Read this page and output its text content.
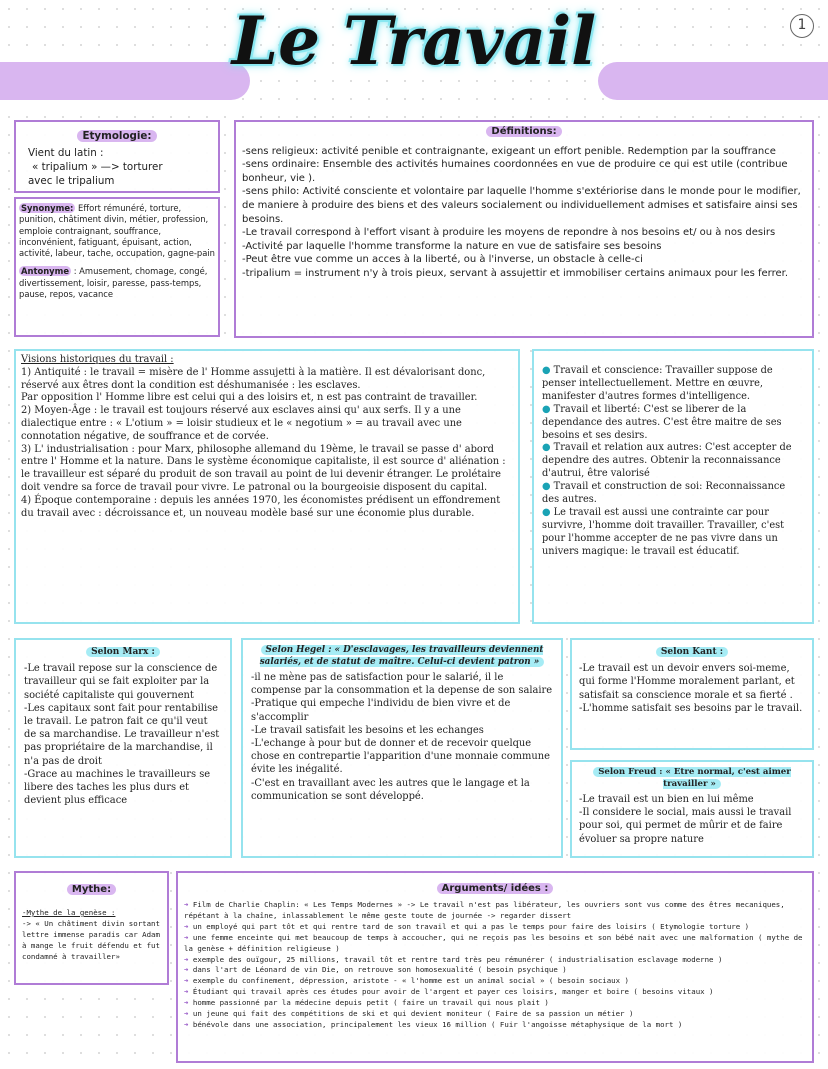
Le Travail	1
Etymologie:
Vient du latin :
« tripalium » —> torturer
avec le tripalium
Synonyme: Effort rémunéré, torture, punition, châtiment divin, métier, profession, emploie contraignant, souffrance, inconvénient, fatiguant, épuisant, action, activité, labeur, tache, occupation, gagne-pain
Antonyme : Amusement, chomage, congé, divertissement, loisir, paresse, pass-temps, pause, repos, vacance
Définitions:
-sens religieux: activité penible et contraignante, exigeant un effort penible. Redemption par la souffrance
-sens ordinaire: Ensemble des activités humaines coordonnées en vue de produire ce qui est utile (contribue bonheur, vie ).
-sens philo: Activité consciente et volontaire par laquelle l'homme s'extériorise dans le monde pour le modifier, de maniere à produire des biens et des valeurs socialement ou individuellement admises et satisfaire ainsi ses besoins.
-Le travail correspond à l'effort visant à produire les moyens de repondre à nos besoins et/ ou à nos desirs
-Activité par laquelle l'homme transforme la nature en vue de satisfaire ses besoins
-Peut être vue comme un acces à la liberté, ou à l'inverse, un obstacle à celle-ci
-tripalium = instrument n'y à trois pieux, servant à assujettir et immobiliser certains animaux pour les ferrer.
Visions historiques du travail :
1) Antiquité : le travail = misère de l' Homme assujetti à la matière. Il est dévalorisant donc, réservé aux êtres dont la condition est déshumanisée : les esclaves.
Par opposition l' Homme libre est celui qui a des loisirs et, n est pas contraint de travailler.
2) Moyen-Âge : le travail est toujours réservé aux esclaves ainsi qu' aux serfs. Il y a une dialectique entre : « L'otium » = loisir studieux et le « negotium » = au travail avec une connotation négative, de souffrance et de corvée.
3) L' industrialisation : pour Marx, philosophe allemand du 19ème, le travail se passe d' abord entre l' Homme et la nature. Dans le système économique capitaliste, il est source d' aliénation : le travailleur est séparé du produit de son travail au point de lui devenir étranger. Le prolétaire doit vendre sa force de travail pour vivre. Le patronal ou la bourgeoisie disposent du capital.
4) Époque contemporaine : depuis les années 1970, les économistes prédisent un effondrement du travail avec : décroissance et, un nouveau modèle basé sur une économie plus durable.
● Travail et conscience: Travailler suppose de penser intellectuellement. Mettre en œuvre, manifester d'autres formes d'intelligence.
● Travail et liberté: C'est se liberer de la dependance des autres. C'est être maitre de ses besoins et ses desirs.
● Travail et relation aux autres: C'est accepter de dependre des autres. Obtenir la reconnaissance d'autrui, être valorisé
● Travail et construction de soi: Reconnaissance des autres.
● Le travail est aussi une contrainte car pour survivre, l'homme doit travailler. Travailler, c'est pour l'homme accepter de ne pas vivre dans un univers magique: le travail est éducatif.
Selon Marx :
-Le travail repose sur la conscience de travailleur qui se fait exploiter par la société capitaliste qui gouvernent
-Les capitaux sont fait pour rentabilise le travail. Le patron fait ce qu'il veut de sa marchandise. Le travailleur n'est pas propriétaire de la marchandise, il n'a pas de droit
-Grace au machines le travailleurs se libere des taches les plus durs et devient plus efficace
Selon Hegel : « D'esclavages, les travailleurs deviennent salariés, et de statut de maître. Celui-ci devient patron »
-il ne mène pas de satisfaction pour le salarié, il le compense par la consommation et la depense de son salaire
-Pratique qui empeche l'individu de bien vivre et de s'accomplir
-Le travail satisfait les besoins et les echanges
-L'echange à pour but de donner et de recevoir quelque chose en contrepartie l'apparition d'une monnaie commune évite les inégalité.
-C'est en travaillant avec les autres que le langage et la communication se sont développé.
Selon Kant :
-Le travail est un devoir envers soi-meme, qui forme l'Homme moralement parlant, et satisfait sa conscience morale et sa fierté .
-L'homme satisfait ses besoins par le travail.
Selon Freud : « Etre normal, c'est aimer travailler »
-Le travail est un bien en lui même
-Il considere le social, mais aussi le travail pour soi, qui permet de mûrir et de faire évoluer sa propre nature
Mythe:
-Mythe de la genèse :
-> « Un châtiment divin sortant lettre immense paradis car Adam à mange le fruit défendu et fut condamné à travailler»
Arguments/ idées :
➜ Film de Charlie Chaplin: « Les Temps Modernes » -> Le travail n'est pas libérateur, les ouvriers sont vus comme des êtres mecaniques, répétant à la chaîne, inlassablement le même geste toute de journée -> regarder dissert
➜ un employé qui part tôt et qui rentre tard de son travail et qui a pas le temps pour faire des loisirs ( Etymologie torture )
➜ une femme enceinte qui met beaucoup de temps à accoucher, qui ne reçois pas les besoins et son bébé nait avec une malformation ( mythe de la genèse + définition religieuse )
➜ exemple des ouïgour, 25 millions, travail tôt et rentre tard très peu rémunérer ( industrialisation esclavage moderne )
➜ dans l'art de Léonard de vin Die, on retrouve son homosexualité ( besoin psychique )
➜ exemple du confinement, dépression, aristote - « l'homme est un animal social » ( besoin sociaux )
➜ Étudiant qui travail après ces études pour avoir de l'argent et payer ces loisirs, manger et boire ( besoins vitaux )
➜ homme passionné par la médecine depuis petit ( faire un travail qui nous plait )
➜ un jeune qui fait des compétitions de ski et qui devient moniteur ( Faire de sa passion un métier )
➜ bénévole dans une association, principalement les vieux 16 million ( Fuir l'angoisse métaphysique de la mort )
